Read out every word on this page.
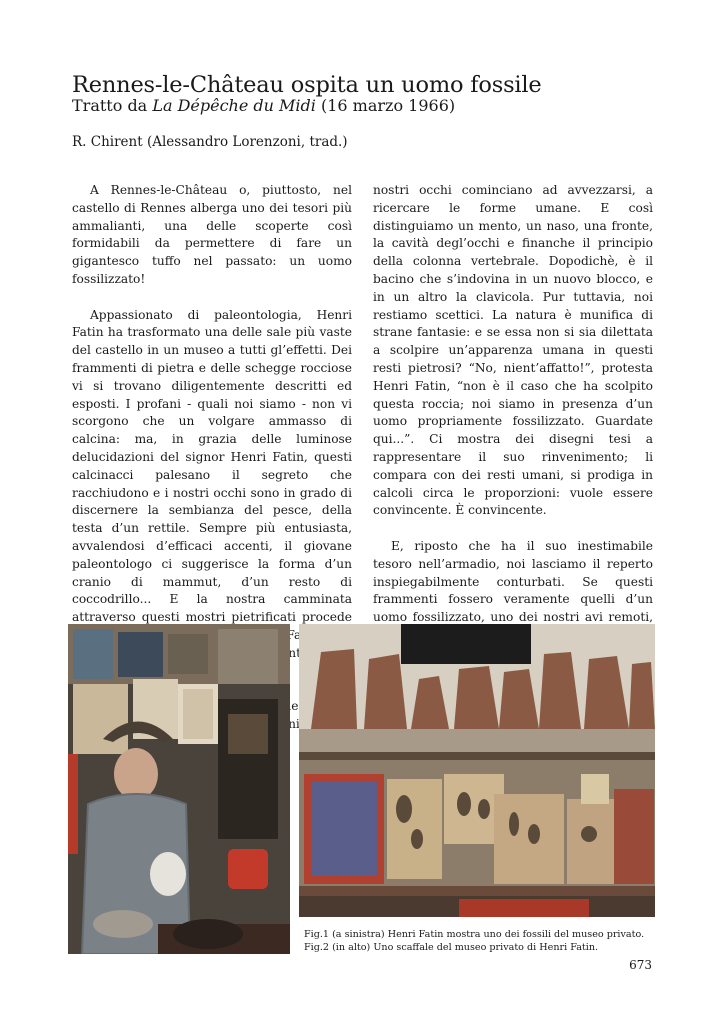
Rennes-le-Château ospita un uomo fossile
Tratto da La Dépêche du Midi (16 marzo 1966)
R. Chirent (Alessandro Lorenzoni, trad.)

A Rennes-le-Château o, piuttosto, nel castello di Rennes alberga uno dei tesori più ammalianti, una delle scoperte così formidabili da permettere di fare un gigantesco tuffo nel passato: un uomo fossilizzato!

Appassionato di paleontologia, Henri Fatin ha trasformato una delle sale più vaste del castello in un museo a tutti gl’effetti. Dei frammenti di pietra e delle schegge rocciose vi si trovano diligentemente descritti ed esposti. I profani - quali noi siamo - non vi scorgono che un volgare ammasso di calcina: ma, in grazia delle luminose delucidazioni del signor Henri Fatin, questi calcinacci palesano il segreto che racchiudono e i nostri occhi sono in grado di discernere la sembianza del pesce, della testa d’un rettile. Sempre più entusiasta, avvalendosi d’efficaci accenti, il giovane paleontologo ci suggerisce la forma d’un cranio di mammut, d’un resto di coccodrillo... E la nostra camminata attraverso questi mostri pietrificati procede ante.

nostri occhi cominciano ad avvezzarsi, a ricercare le forme umane. E così distinguiamo un mento, un naso, una fronte, la cavità degl’occhi e finanche il principio della colonna vertebrale. Dopodichè, è il bacino che s’indovina in un nuovo blocco, e in un altro la clavicola. Pur tuttavia, noi restiamo scettici. La natura è munifica di strane fantasie: e se essa non si sia dilettata a scolpire un’apparenza umana in questi resti pietrosi? “No, nient’affatto!”, protesta Henri Fatin, “non è il caso che ha scolpito questa roccia; noi siamo in presenza d’un uomo propriamente fossilizzato. Guardate qui...”. Ci mostra dei disegni tesi a rappresentare il suo rinvenimento; li compara con dei resti umani, si prodiga in calcoli circa le proporzioni: vuole essere convincente. È convincente.

E, riposto che ha il suo inestimabile tesoro nell’armadio, noi lasciamo il reperto inspiegabilmente conturbati. Se questi frammenti fossero veramente quelli d’un uomo fossilizzato, uno dei nostri avi remoti,

Fig.1 (a sinistra) Henri Fatin mostra uno dei fossili del museo privato.
Fig.2 (in alto) Uno scaffale del museo privato di Henri Fatin.
673
